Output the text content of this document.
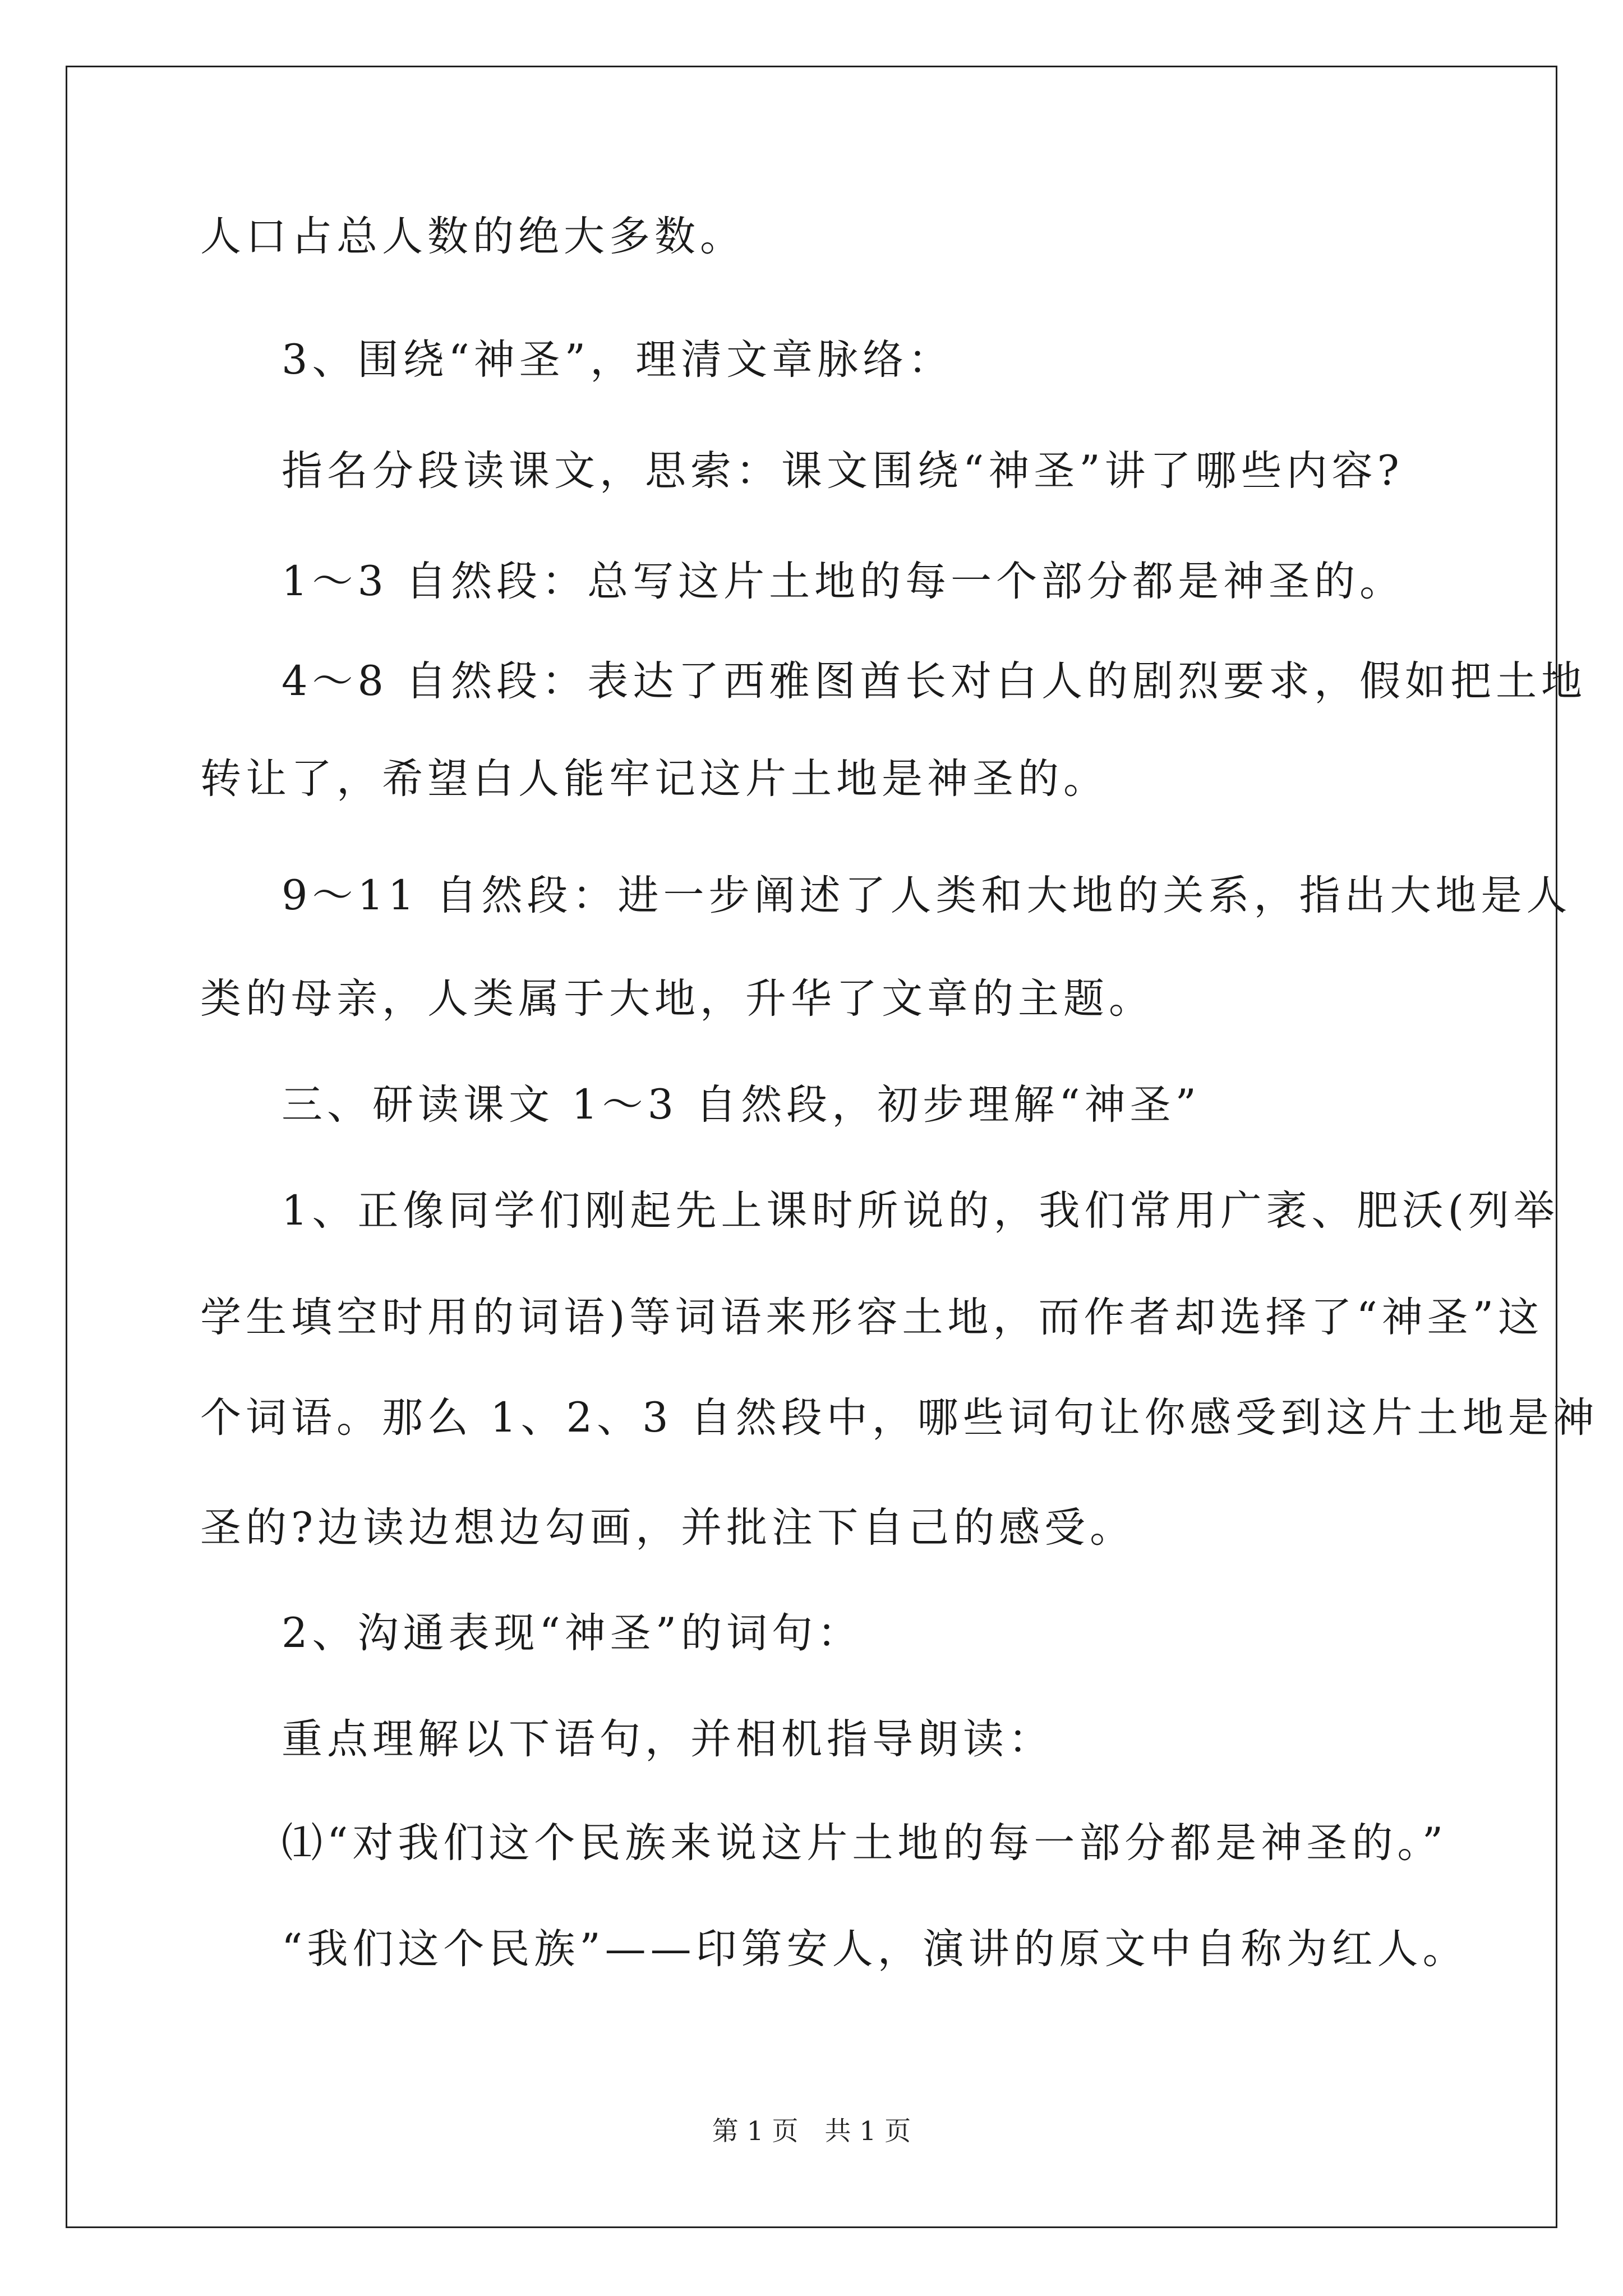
人口占总人数的绝大多数。
3、围绕“神圣”，理清文章脉络：
指名分段读课文，思索：课文围绕“神圣”讲了哪些内容?
1～3 自然段：总写这片土地的每一个部分都是神圣的。
4～8 自然段：表达了西雅图酋长对白人的剧烈要求，假如把土地
转让了，希望白人能牢记这片土地是神圣的。
9～11 自然段：进一步阐述了人类和大地的关系，指出大地是人
类的母亲，人类属于大地，升华了文章的主题。
三、研读课文 1～3 自然段，初步理解“神圣”
1、正像同学们刚起先上课时所说的，我们常用广袤、肥沃(列举
学生填空时用的词语)等词语来形容土地，而作者却选择了“神圣”这
个词语。那么 1、2、3 自然段中，哪些词句让你感受到这片土地是神
圣的?边读边想边勾画，并批注下自己的感受。
2、沟通表现“神圣”的词句：
重点理解以下语句，并相机指导朗读：
⑴“对我们这个民族来说这片土地的每一部分都是神圣的。”
“我们这个民族”——印第安人，演讲的原文中自称为红人。
第 1 页　共 1 页
